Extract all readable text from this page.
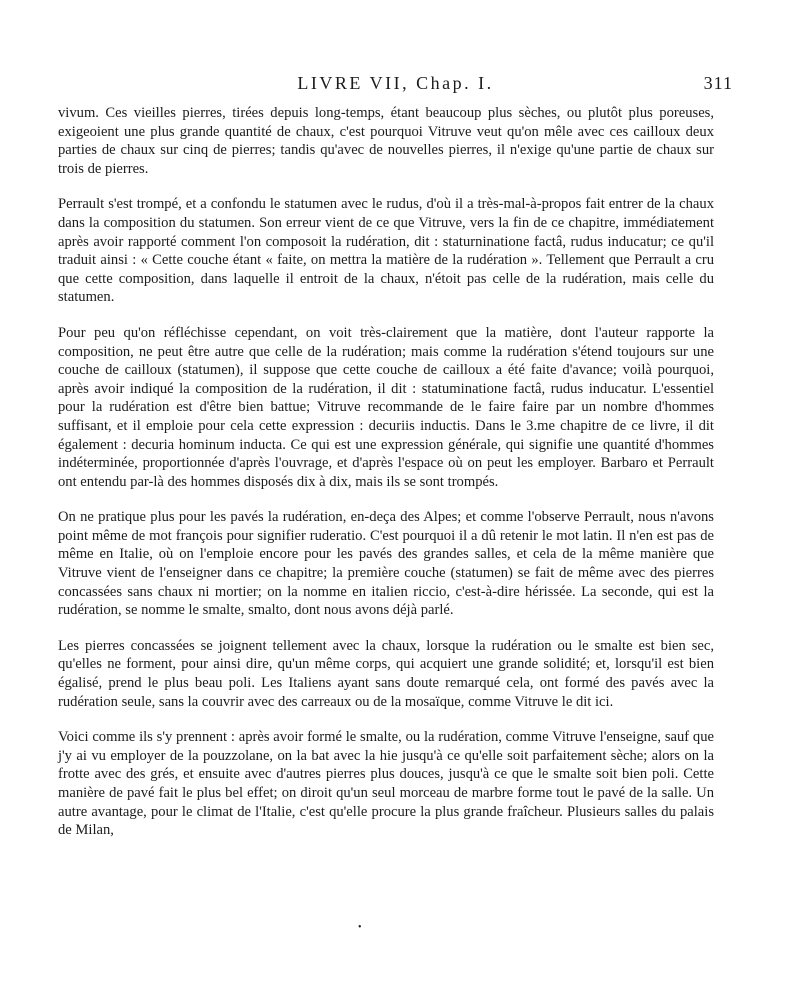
LIVRE VII, Chap. I.	311

vivum. Ces vieilles pierres, tirées depuis long-temps, étant beaucoup plus sèches, ou plutôt plus poreuses, exigeoient une plus grande quantité de chaux, c'est pourquoi Vitruve veut qu'on mêle avec ces cailloux deux parties de chaux sur cinq de pierres; tandis qu'avec de nouvelles pierres, il n'exige qu'une partie de chaux sur trois de pierres.

Perrault s'est trompé, et a confondu le statumen avec le rudus, d'où il a très-mal-à-propos fait entrer de la chaux dans la composition du statumen. Son erreur vient de ce que Vitruve, vers la fin de ce chapitre, immédiatement après avoir rapporté comment l'on composoit la rudération, dit : staturninatione factâ, rudus inducatur; ce qu'il traduit ainsi : « Cette couche étant « faite, on mettra la matière de la rudération ». Tellement que Perrault a cru que cette composition, dans laquelle il entroit de la chaux, n'étoit pas celle de la rudération, mais celle du statumen.

Pour peu qu'on réfléchisse cependant, on voit très-clairement que la matière, dont l'auteur rapporte la composition, ne peut être autre que celle de la rudération; mais comme la rudération s'étend toujours sur une couche de cailloux (statumen), il suppose que cette couche de cailloux a été faite d'avance; voilà pourquoi, après avoir indiqué la composition de la rudération, il dit : statuminatione factâ, rudus inducatur. L'essentiel pour la rudération est d'être bien battue; Vitruve recommande de le faire faire par un nombre d'hommes suffisant, et il emploie pour cela cette expression : decuriis inductis. Dans le 3.me chapitre de ce livre, il dit également : decuria hominum inducta. Ce qui est une expression générale, qui signifie une quantité d'hommes indéterminée, proportionnée d'après l'ouvrage, et d'après l'espace où on peut les employer. Barbaro et Perrault ont entendu par-là des hommes disposés dix à dix, mais ils se sont trompés.

On ne pratique plus pour les pavés la rudération, en-deça des Alpes; et comme l'observe Perrault, nous n'avons point même de mot françois pour signifier ruderatio. C'est pourquoi il a dû retenir le mot latin. Il n'en est pas de même en Italie, où on l'emploie encore pour les pavés des grandes salles, et cela de la même manière que Vitruve vient de l'enseigner dans ce chapitre; la première couche (statumen) se fait de même avec des pierres concassées sans chaux ni mortier; on la nomme en italien riccio, c'est-à-dire hérissée. La seconde, qui est la rudération, se nomme le smalte, smalto, dont nous avons déjà parlé.

Les pierres concassées se joignent tellement avec la chaux, lorsque la rudération ou le smalte est bien sec, qu'elles ne forment, pour ainsi dire, qu'un même corps, qui acquiert une grande solidité; et, lorsqu'il est bien égalisé, prend le plus beau poli. Les Italiens ayant sans doute remarqué cela, ont formé des pavés avec la rudération seule, sans la couvrir avec des carreaux ou de la mosaïque, comme Vitruve le dit ici.

Voici comme ils s'y prennent : après avoir formé le smalte, ou la rudération, comme Vitruve l'enseigne, sauf que j'y ai vu employer de la pouzzolane, on la bat avec la hie jusqu'à ce qu'elle soit parfaitement sèche; alors on la frotte avec des grés, et ensuite avec d'autres pierres plus douces, jusqu'à ce que le smalte soit bien poli. Cette manière de pavé fait le plus bel effet; on diroit qu'un seul morceau de marbre forme tout le pavé de la salle. Un autre avantage, pour le climat de l'Italie, c'est qu'elle procure la plus grande fraîcheur. Plusieurs salles du palais de Milan,

•
